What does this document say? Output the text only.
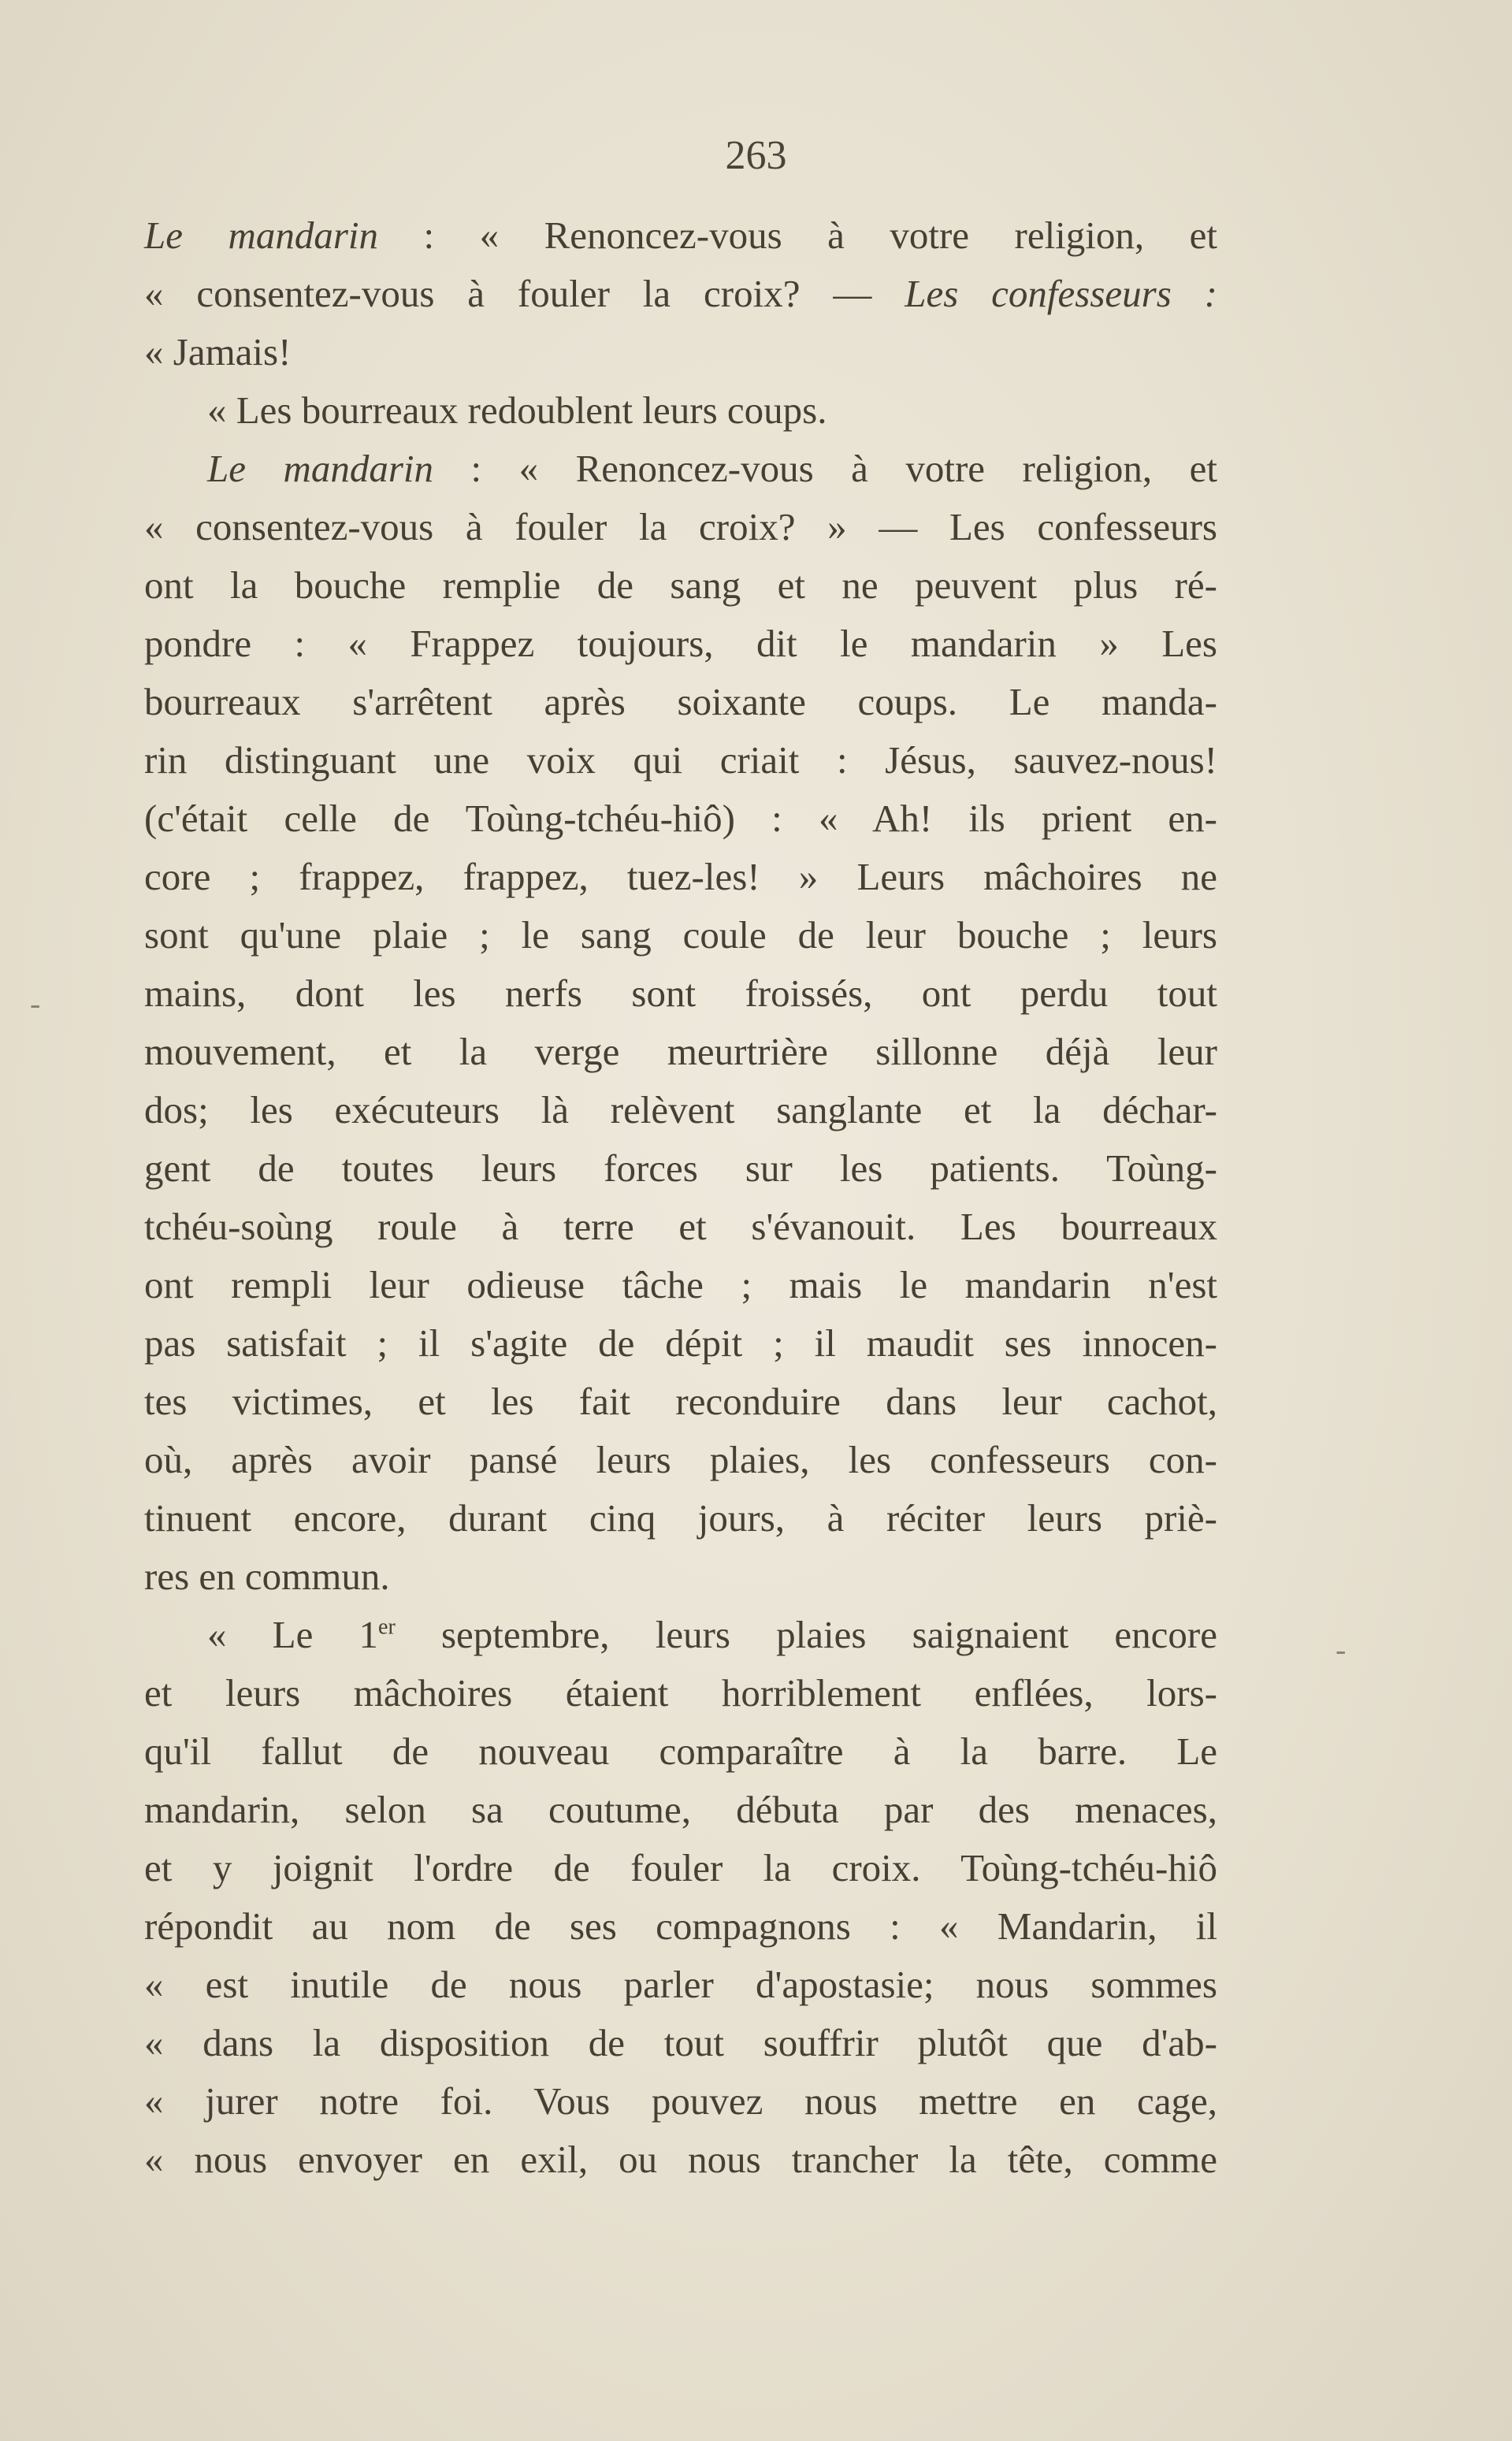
263
Le mandarin : « Renoncez-vous à votre religion, et
« consentez-vous à fouler la croix? — Les confesseurs :
« Jamais!
« Les bourreaux redoublent leurs coups.
Le mandarin : « Renoncez-vous à votre religion, et
« consentez-vous à fouler la croix? » — Les confesseurs
ont la bouche remplie de sang et ne peuvent plus ré-
pondre : « Frappez toujours, dit le mandarin » Les
bourreaux s'arrêtent après soixante coups. Le manda-
rin distinguant une voix qui criait : Jésus, sauvez-nous!
(c'était celle de Toùng-tchéu-hiô) : « Ah! ils prient en-
core ; frappez, frappez, tuez-les! » Leurs mâchoires ne
sont qu'une plaie ; le sang coule de leur bouche ; leurs
mains, dont les nerfs sont froissés, ont perdu tout
mouvement, et la verge meurtrière sillonne déjà leur
dos; les exécuteurs là relèvent sanglante et la déchar-
gent de toutes leurs forces sur les patients. Toùng-
tchéu-soùng roule à terre et s'évanouit. Les bourreaux
ont rempli leur odieuse tâche ; mais le mandarin n'est
pas satisfait ; il s'agite de dépit ; il maudit ses innocen-
tes victimes, et les fait reconduire dans leur cachot,
où, après avoir pansé leurs plaies, les confesseurs con-
tinuent encore, durant cinq jours, à réciter leurs priè-
res en commun.
« Le 1er septembre, leurs plaies saignaient encore
et leurs mâchoires étaient horriblement enflées, lors-
qu'il fallut de nouveau comparaître à la barre. Le
mandarin, selon sa coutume, débuta par des menaces,
et y joignit l'ordre de fouler la croix. Toùng-tchéu-hiô
répondit au nom de ses compagnons : « Mandarin, il
« est inutile de nous parler d'apostasie; nous sommes
« dans la disposition de tout souffrir plutôt que d'ab-
« jurer notre foi. Vous pouvez nous mettre en cage,
« nous envoyer en exil, ou nous trancher la tête, comme
‐
‐
